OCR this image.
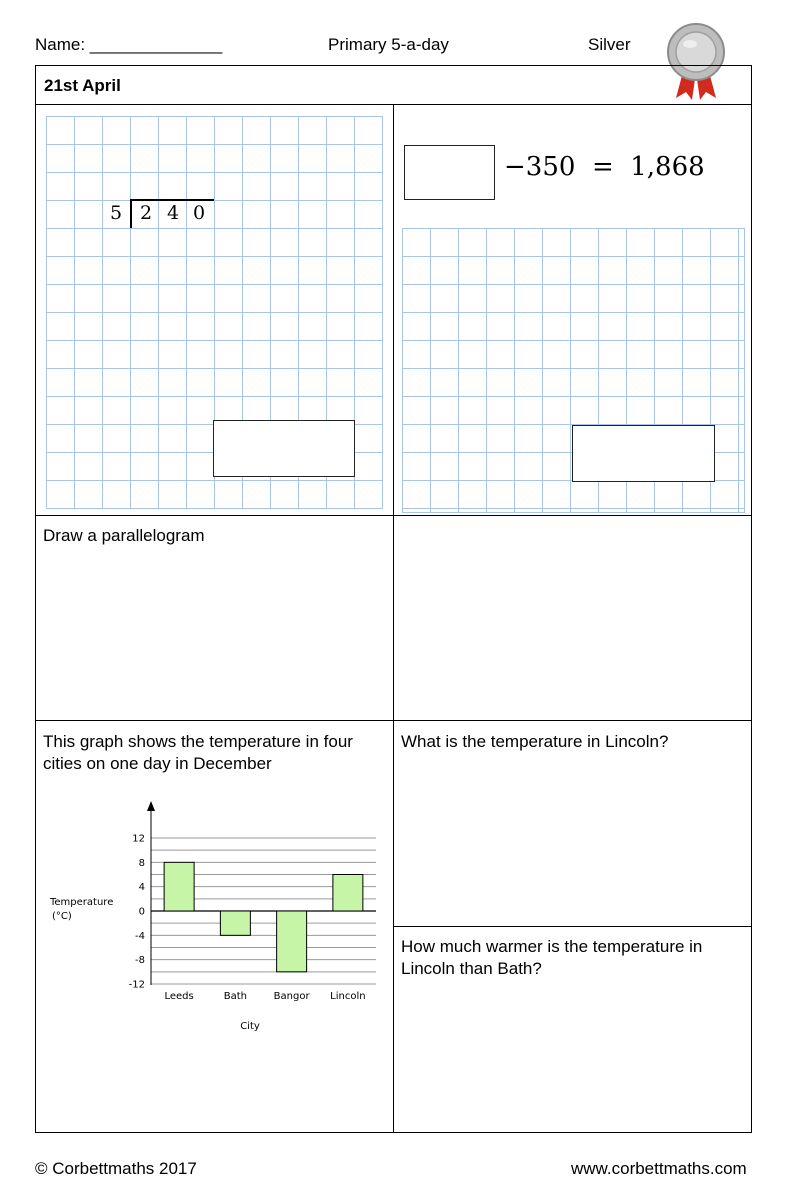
Name: ______________	Primary 5-a-day	Silver
21st April
5 2 4 0
−350  =  1,868
Draw a parallelogram
This graph shows the temperature in four cities on one day in December
-12
-8
-4
0
4
8
12
Leeds	Bath	Bangor Lincoln
Temperature
(°C)
City
What is the temperature in Lincoln?
How much warmer is the temperature in Lincoln than Bath?
© Corbettmaths 2017	www.corbettmaths.com
